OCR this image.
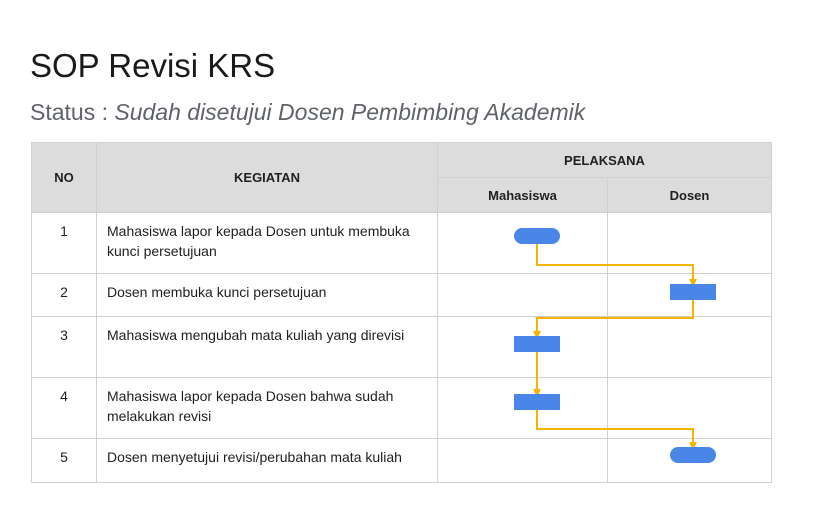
SOP Revisi KRS
Status : Sudah disetujui Dosen Pembimbing Akademik
NO	KEGIATAN	PELAKSANA	
		Mahasiswa	Dosen
1	Mahasiswa lapor kepada Dosen untuk membuka kunci persetujuan		
2	Dosen membuka kunci persetujuan		
3	Mahasiswa mengubah mata kuliah yang direvisi		
4	Mahasiswa lapor kepada Dosen bahwa sudah melakukan revisi		
5	Dosen menyetujui revisi/perubahan mata kuliah		
